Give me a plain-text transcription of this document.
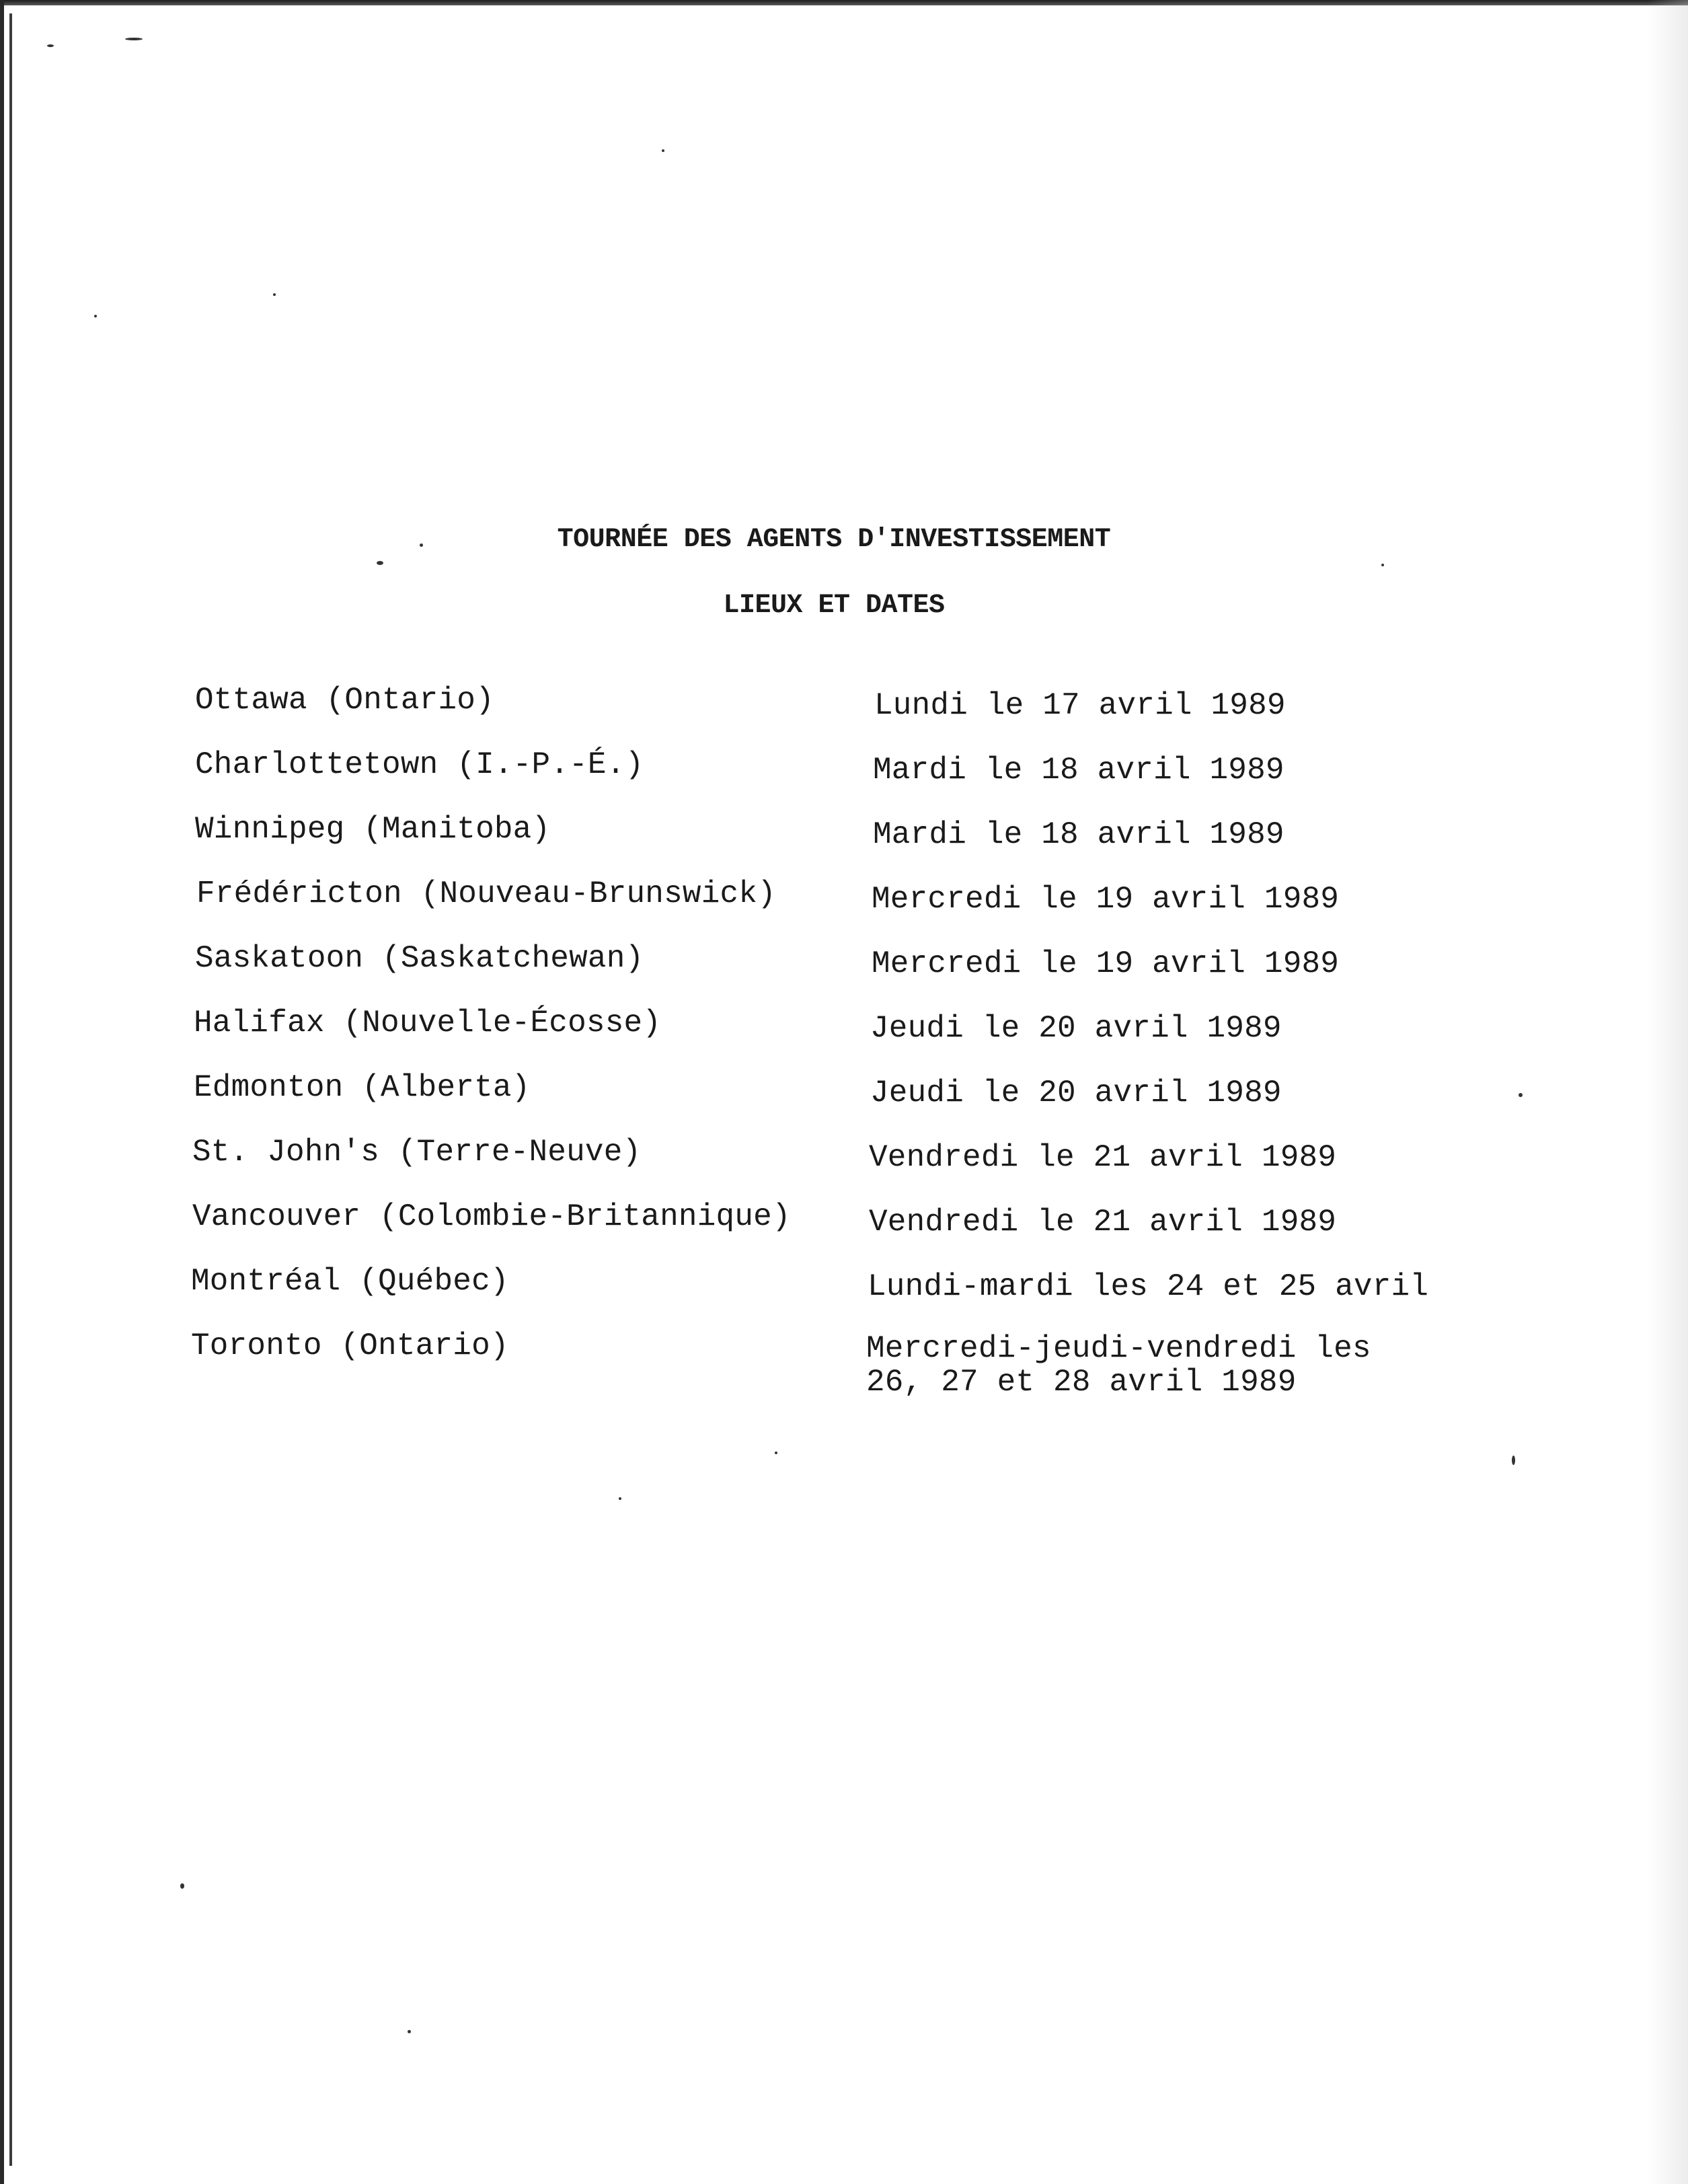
TOURNÉE DES AGENTS D'INVESTISSEMENT
LIEUX ET DATES
Ottawa (Ontario)	Lundi le 17 avril 1989
Charlottetown (I.-P.-É.)	Mardi le 18 avril 1989
Winnipeg (Manitoba)	Mardi le 18 avril 1989
Frédéricton (Nouveau-Brunswick)	Mercredi le 19 avril 1989
Saskatoon (Saskatchewan)	Mercredi le 19 avril 1989
Halifax (Nouvelle-Écosse)	Jeudi le 20 avril 1989
Edmonton (Alberta)	Jeudi le 20 avril 1989
St. John's (Terre-Neuve)	Vendredi le 21 avril 1989
Vancouver (Colombie-Britannique)	Vendredi le 21 avril 1989
Montréal (Québec)	Lundi-mardi les 24 et 25 avril
Toronto (Ontario)	Mercredi-jeudi-vendredi les
26, 27 et 28 avril 1989
